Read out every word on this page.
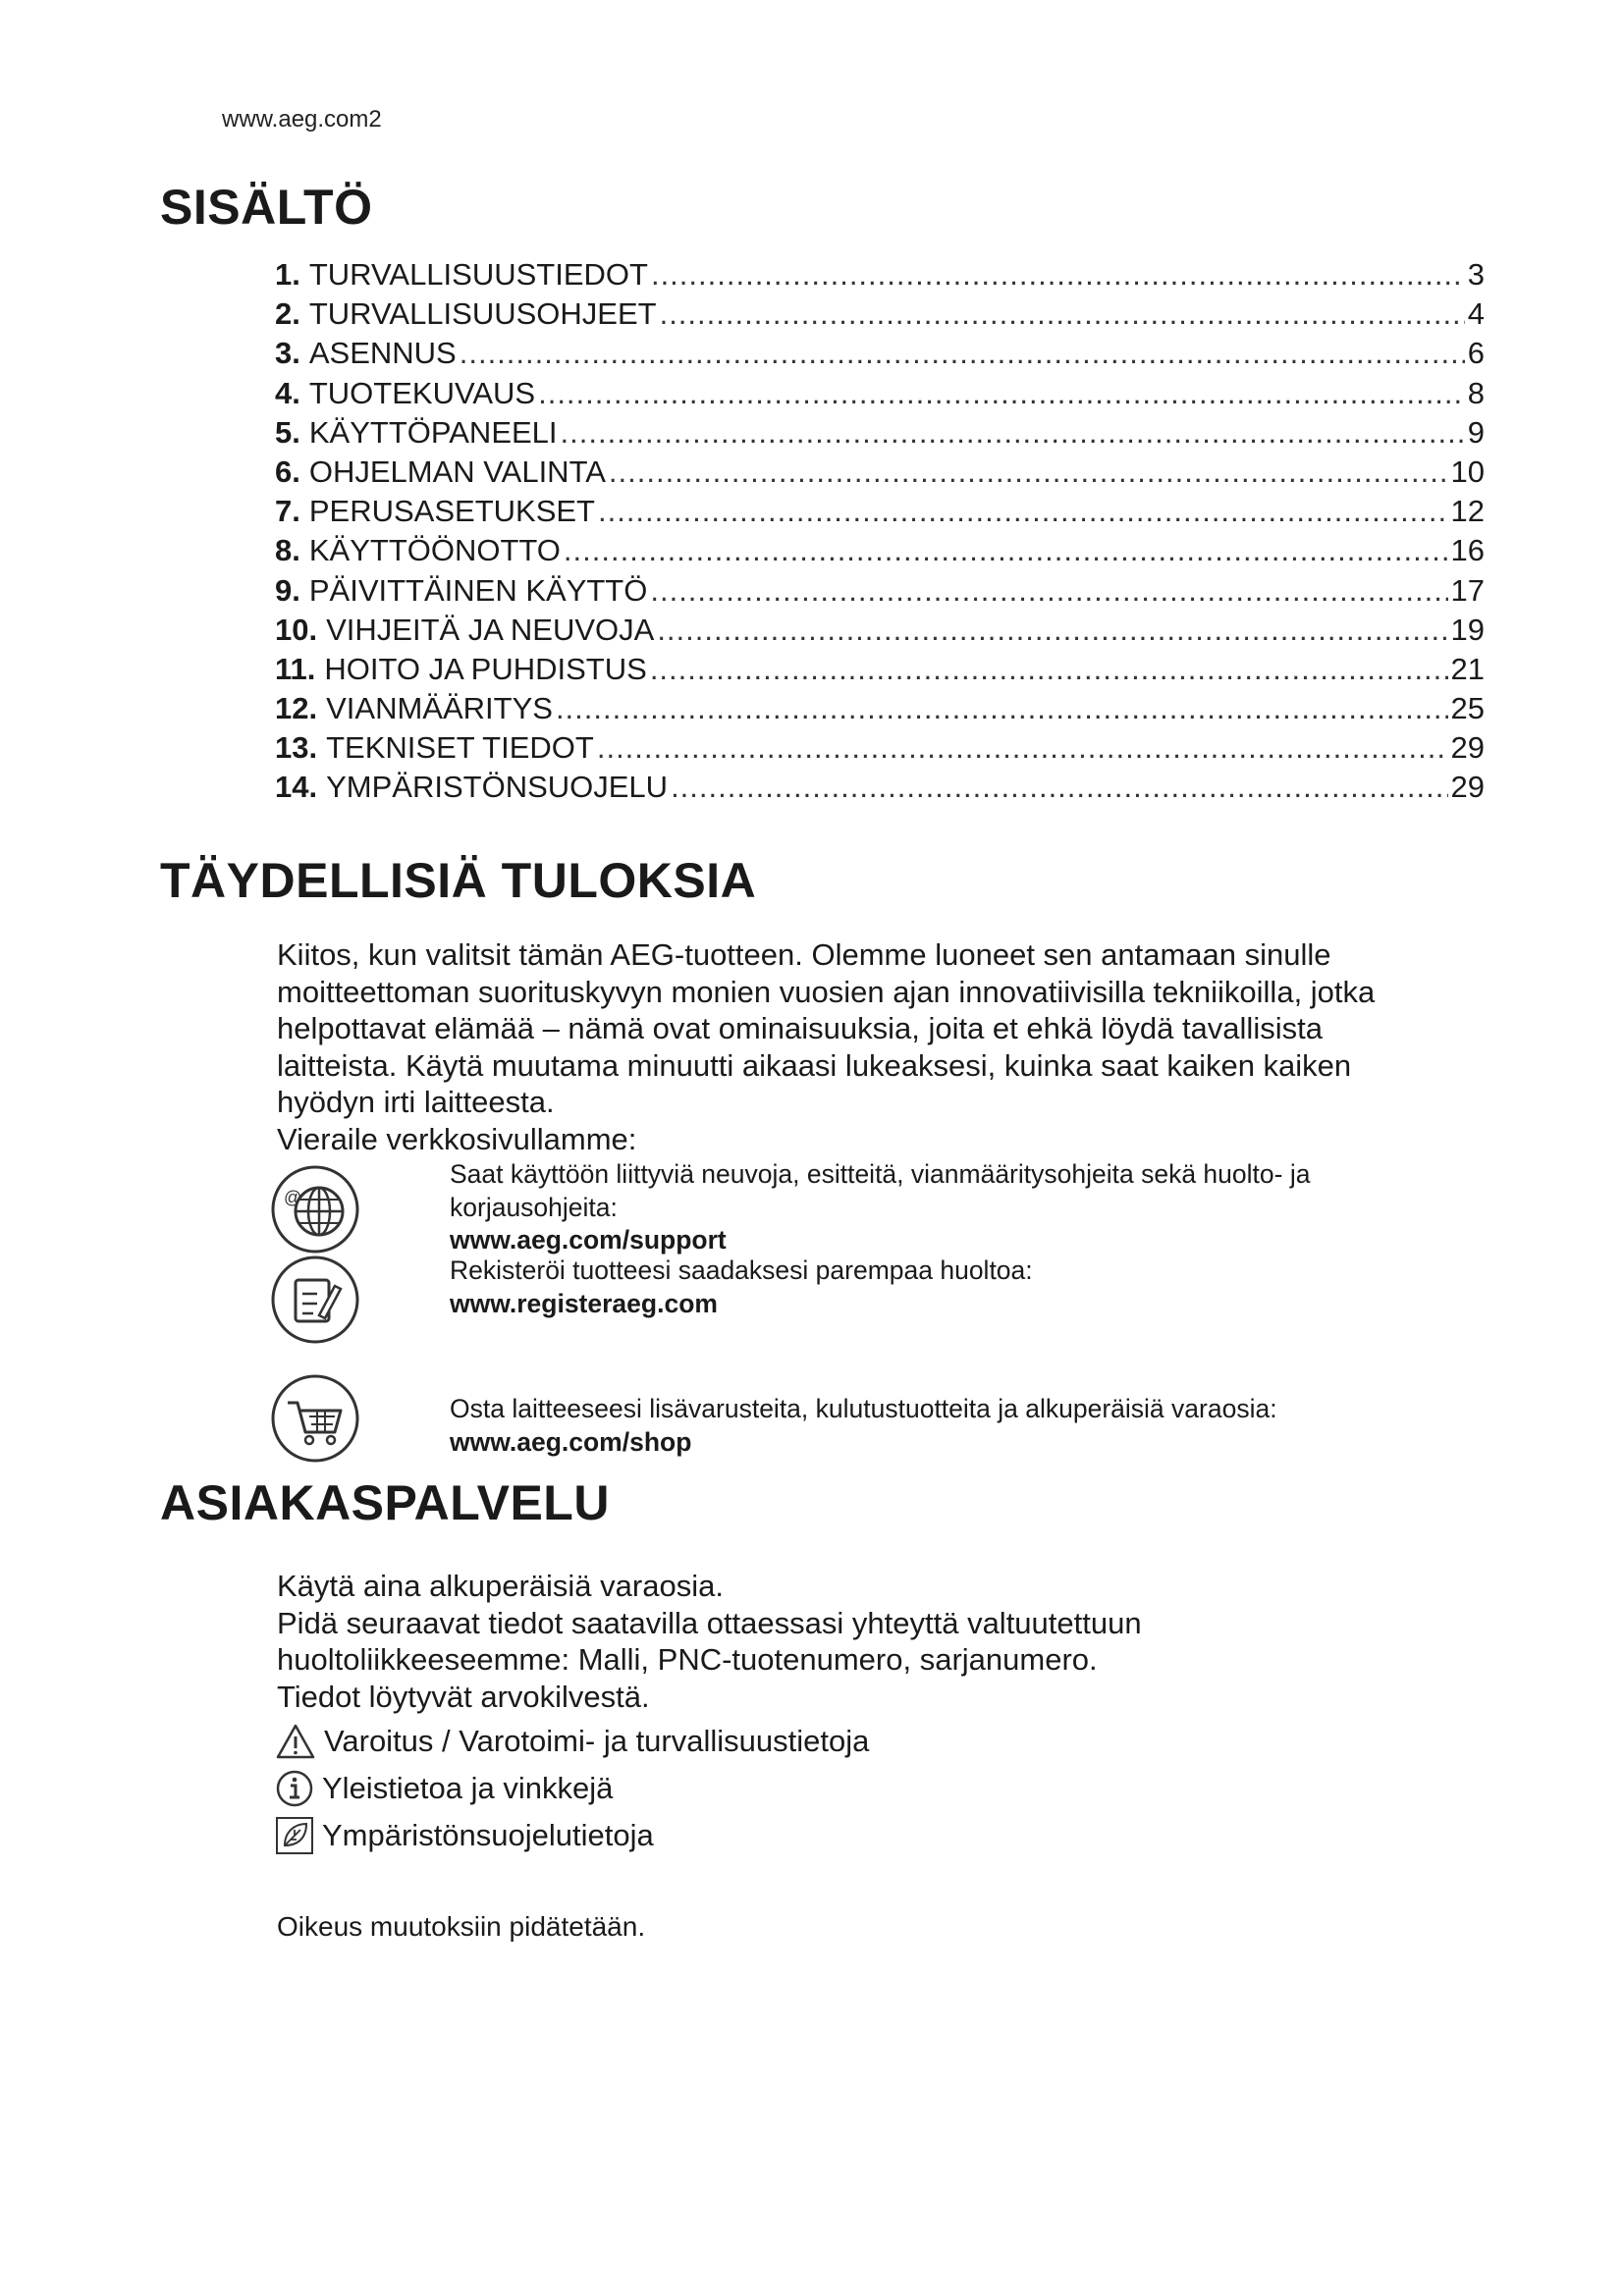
www.aeg.com2
SISÄLTÖ
1. TURVALLISUUSTIEDOT .....	3
2. TURVALLISUUSOHJEET .....	4
3. ASENNUS .....	6
4. TUOTEKUVAUS .....	8
5. KÄYTTÖPANEELI .....	9
6. OHJELMAN VALINTA .....	10
7. PERUSASETUKSET .....	12
8. KÄYTTÖÖNOTTO .....	16
9. PÄIVITTÄINEN KÄYTTÖ .....	17
10. VIHJEITÄ JA NEUVOJA .....	19
11. HOITO JA PUHDISTUS .....	21
12. VIANMÄÄRITYS .....	25
13. TEKNISET TIEDOT .....	29
14. YMPÄRISTÖNSUOJELU .....	29
TÄYDELLISIÄ TULOKSIA

Kiitos, kun valitsit tämän AEG-tuotteen. Olemme luoneet sen antamaan sinulle

moitteettoman suorituskyvyn monien vuosien ajan innovatiivisilla tekniikoilla, jotka

helpottavat elämää – nämä ovat ominaisuuksia, joita et ehkä löydä tavallisista

laitteista. Käytä muutama minuutti aikaasi lukeaksesi, kuinka saat kaiken kaiken

hyödyn irti laitteesta.

Vieraile verkkosivullamme:

@
Saat käyttöön liittyviä neuvoja, esitteitä, vianmääritysohjeita sekä huolto- ja
korjausohjeita:
www.aeg.com/support
Rekisteröi tuotteesi saadaksesi parempaa huoltoa:
www.registeraeg.com
Osta laitteeseesi lisävarusteita, kulutustuotteita ja alkuperäisiä varaosia:
www.aeg.com/shop
ASIAKASPALVELU

Käytä aina alkuperäisiä varaosia.

Pidä seuraavat tiedot saatavilla ottaessasi yhteyttä valtuutettuun

huoltoliikkeeseemme: Malli, PNC-tuotenumero, sarjanumero.

Tiedot löytyvät arvokilvestä.

Varoitus / Varotoimi- ja turvallisuustietoja
Yleistietoa ja vinkkejä
Ympäristönsuojelutietoja
Oikeus muutoksiin pidätetään.
